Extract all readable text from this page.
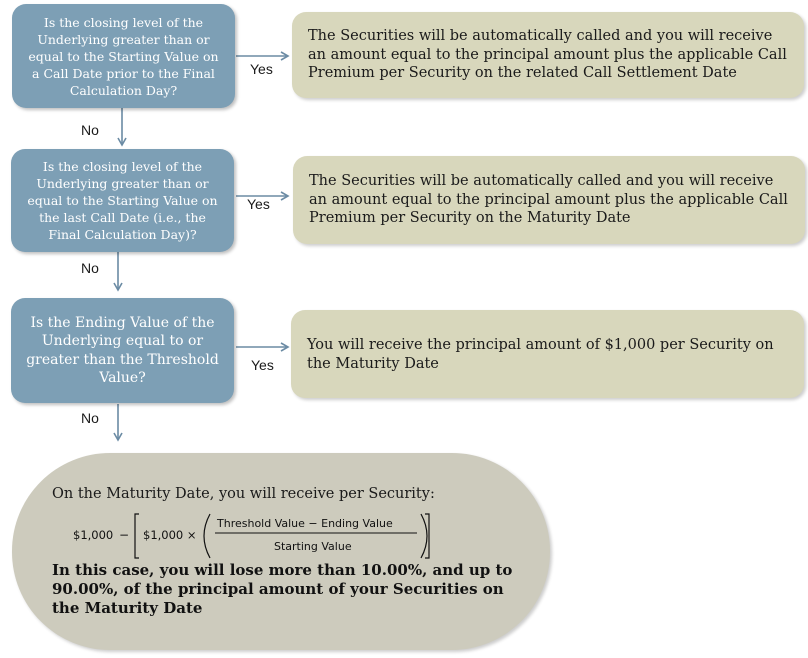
Is the closing level of the
Underlying greater than or
equal to the Starting Value on
a Call Date prior to the Final
Calculation Day?
Is the closing level of the
Underlying greater than or
equal to the Starting Value on
the last Call Date (i.e., the
Final Calculation Day)?
Is the Ending Value of the
Underlying equal to or
greater than the Threshold
Value?
The Securities will be automatically called and you will receive an amount equal to the principal amount plus the applicable Call Premium per Security on the related Call Settlement Date
The Securities will be automatically called and you will receive an amount equal to the principal amount plus the applicable Call Premium per Security on the Maturity Date
You will receive the principal amount of $1,000 per Security on the Maturity Date
Yes
Yes
Yes
No
No
No
On the Maturity Date, you will receive per Security:
$1,000 − $1,000 ×
Threshold Value − Ending Value
Starting Value
In this case, you will lose more than 10.00%, and up to 90.00%, of the principal amount of your Securities on the Maturity Date
